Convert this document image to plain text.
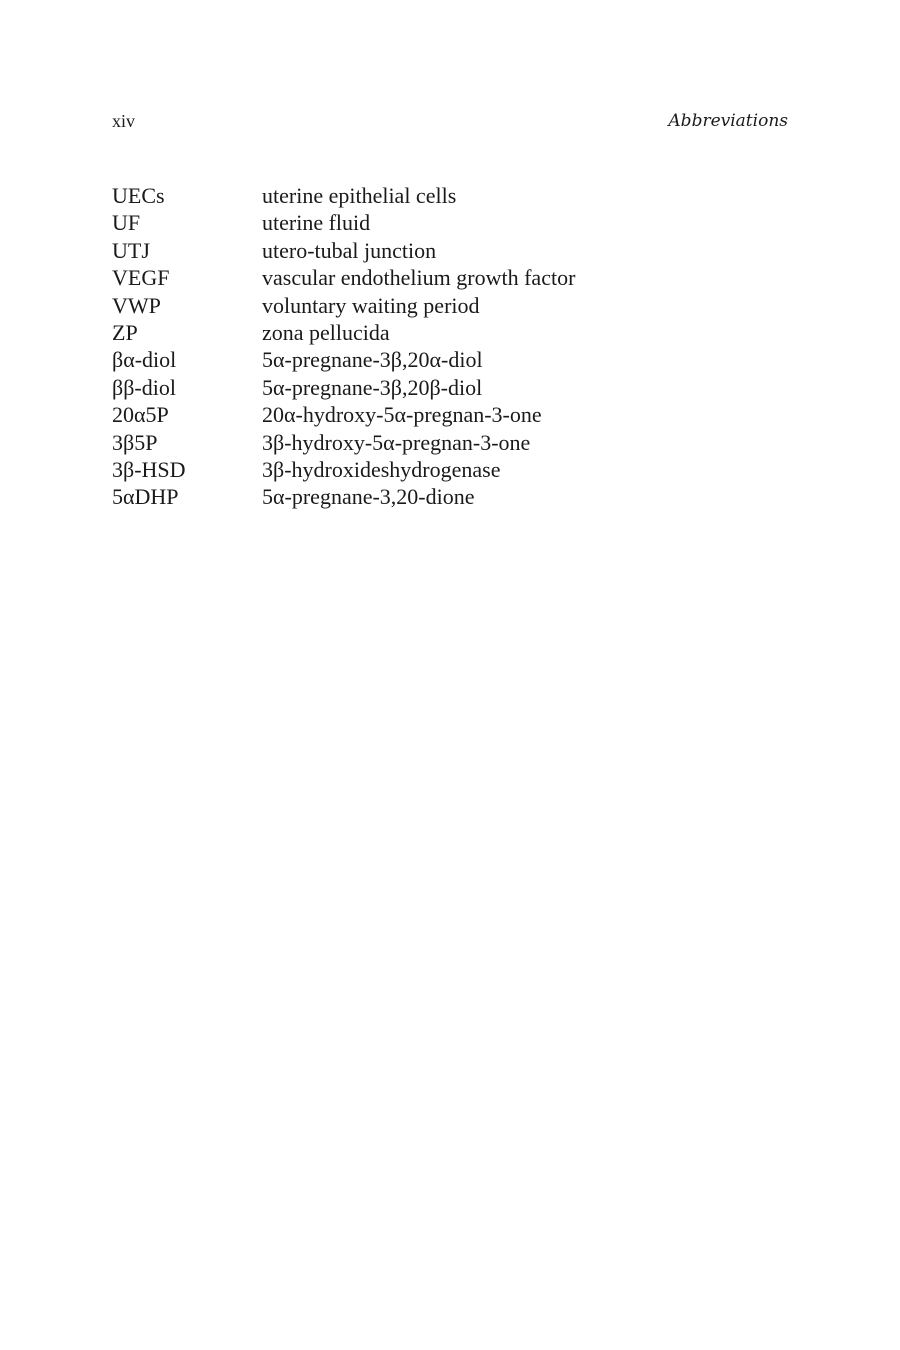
xiv	Abbreviations
UECs	uterine epithelial cells
UF	uterine fluid
UTJ	utero-tubal junction
VEGF	vascular endothelium growth factor
VWP	voluntary waiting period
ZP	zona pellucida
βα-diol	5α-pregnane-3β,20α-diol
ββ-diol	5α-pregnane-3β,20β-diol
20α5P	20α-hydroxy-5α-pregnan-3-one
3β5P	3β-hydroxy-5α-pregnan-3-one
3β-HSD	3β-hydroxideshydrogenase
5αDHP	5α-pregnane-3,20-dione
